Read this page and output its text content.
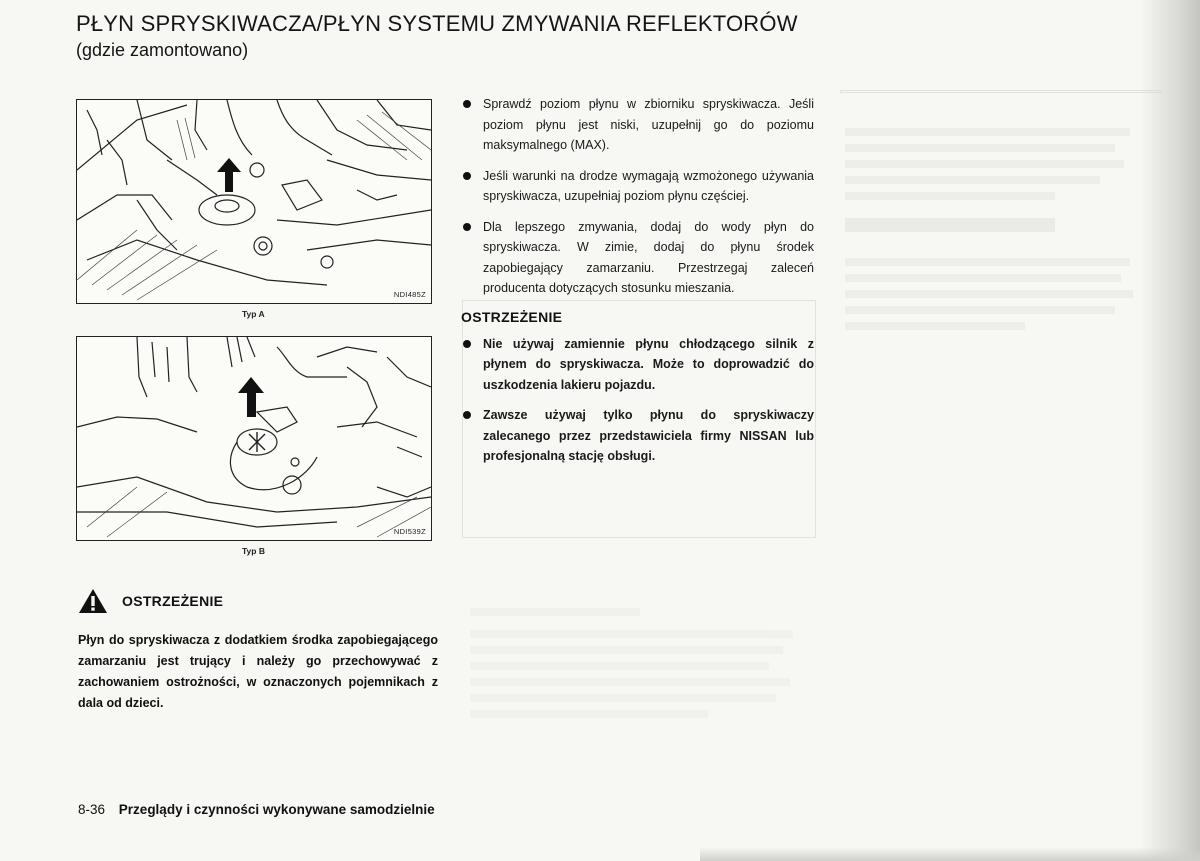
PŁYN SPRYSKIWACZA/PŁYN SYSTEMU ZMYWANIA REFLEKTORÓW
(gdzie zamontowano)
NDI485Z
Typ A
NDI539Z
Typ B
OSTRZEŻENIE
Płyn do spryskiwacza z dodatkiem środka zapobiegającego zamarzaniu jest trujący i należy go przechowywać z zachowaniem ostrożności, w oznaczonych pojemnikach z dala od dzieci.
Sprawdź poziom płynu w zbiorniku spryskiwacza. Jeśli poziom płynu jest niski, uzupełnij go do poziomu maksymalnego (MAX).
Jeśli warunki na drodze wymagają wzmożonego używania spryskiwacza, uzupełniaj poziom płynu częściej.
Dla lepszego zmywania, dodaj do wody płyn do spryskiwacza. W zimie, dodaj do płynu środek zapobiegający zamarzaniu. Przestrzegaj zaleceń producenta dotyczących stosunku mieszania.
OSTRZEŻENIE
Nie używaj zamiennie płynu chłodzącego silnik z płynem do spryskiwacza. Może to doprowadzić do uszkodzenia lakieru pojazdu.
Zawsze używaj tylko płynu do spryskiwaczy zalecanego przez przedstawiciela firmy NISSAN lub profesjonalną stację obsługi.
8-36 Przeglądy i czynności wykonywane samodzielnie
